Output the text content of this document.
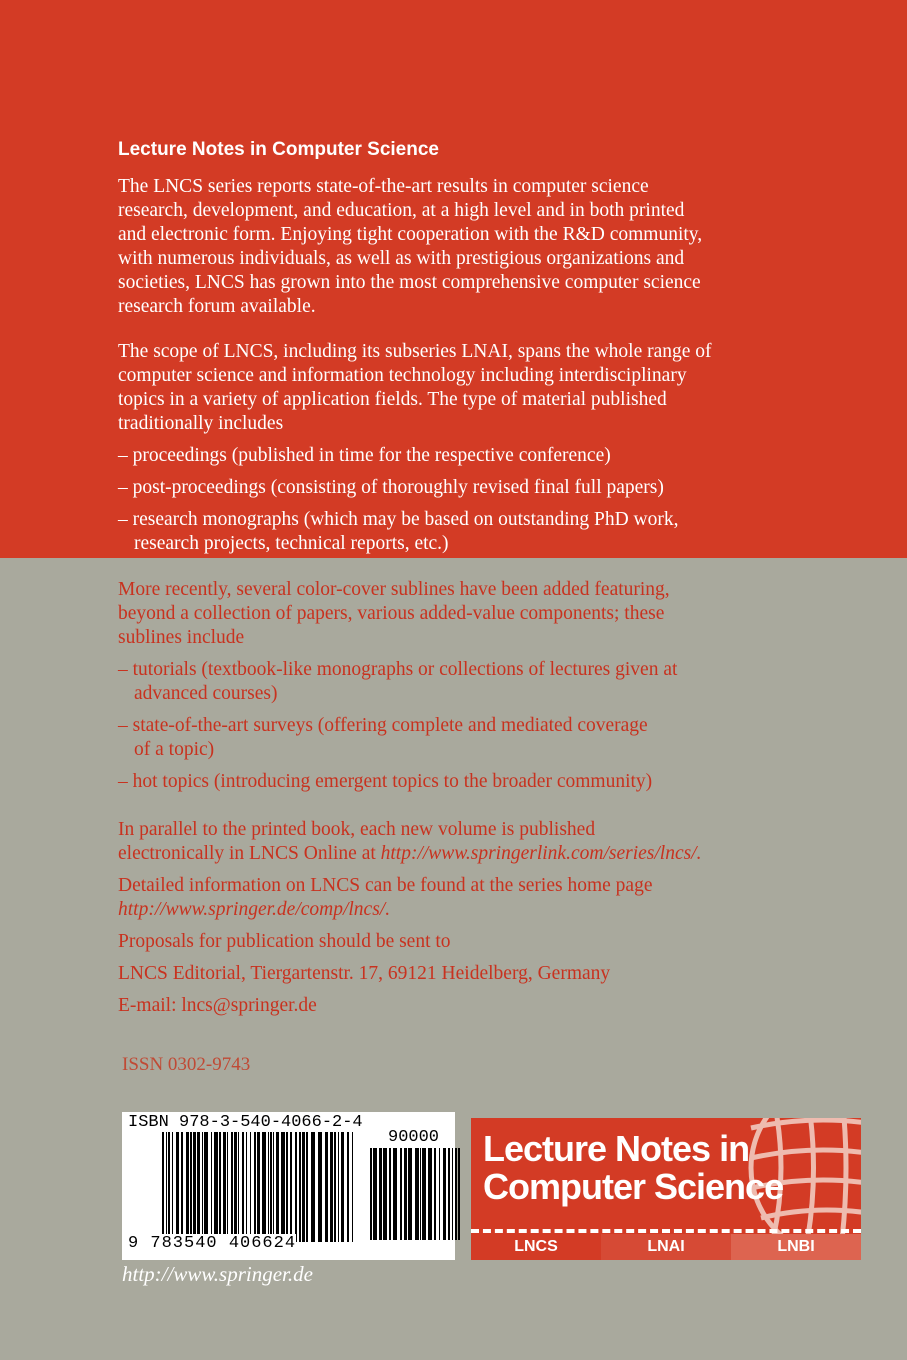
Lecture Notes in Computer Science
The LNCS series reports state-of-the-art results in computer science
research, development, and education, at a high level and in both printed
and electronic form. Enjoying tight cooperation with the R&D community,
with numerous individuals, as well as with prestigious organizations and
societies, LNCS has grown into the most comprehensive computer science
research forum available.
The scope of LNCS, including its subseries LNAI, spans the whole range of
computer science and information technology including interdisciplinary
topics in a variety of application fields. The type of material published
traditionally includes
– proceedings (published in time for the respective conference)
– post-proceedings (consisting of thoroughly revised final full papers)
– research monographs (which may be based on outstanding PhD work,
research projects, technical reports, etc.)
More recently, several color-cover sublines have been added featuring,
beyond a collection of papers, various added-value components; these
sublines include
– tutorials (textbook-like monographs or collections of lectures given at
advanced courses)
– state-of-the-art surveys (offering complete and mediated coverage
of a topic)
– hot topics (introducing emergent topics to the broader community)
In parallel to the printed book, each new volume is published
electronically in LNCS Online at http://www.springerlink.com/series/lncs/.
Detailed information on LNCS can be found at the series home page
http://www.springer.de/comp/lncs/.
Proposals for publication should be sent to
LNCS Editorial, Tiergartenstr. 17, 69121 Heidelberg, Germany
E-mail: lncs@springer.de
ISSN 0302-9743
ISBN 978-3-540-4066-2-4
90000
9 783540 406624
http://www.springer.de
Lecture Notes in
Computer Science
LNCS	LNAI	LNBI
